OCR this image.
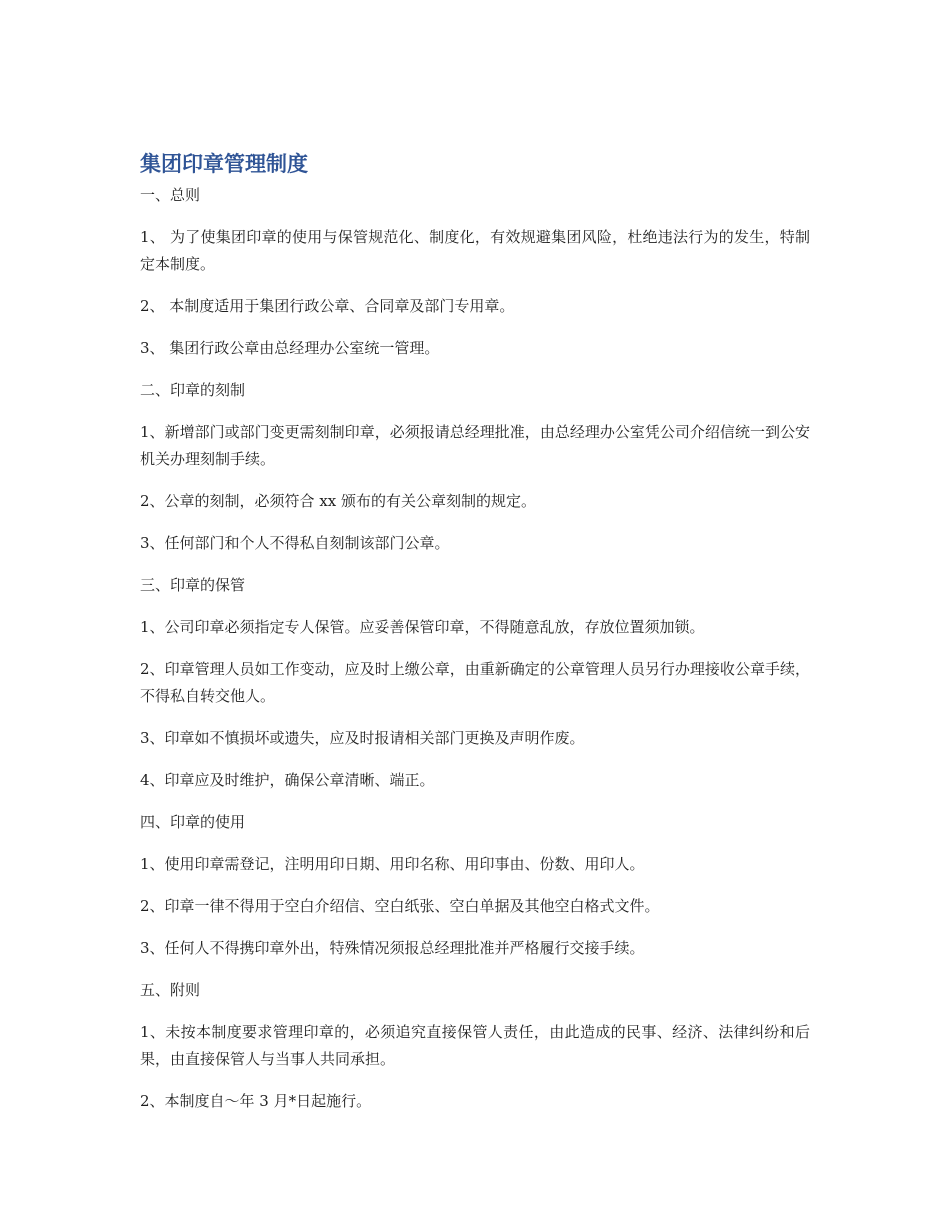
集团印章管理制度

一、总则

1、 为了使集团印章的使用与保管规范化、制度化，有效规避集团风险，杜绝违法行为的发生，特制定本制度。

2、 本制度适用于集团行政公章、合同章及部门专用章。

3、 集团行政公章由总经理办公室统一管理。

二、印章的刻制

1、新增部门或部门变更需刻制印章，必须报请总经理批准，由总经理办公室凭公司介绍信统一到公安机关办理刻制手续。

2、公章的刻制，必须符合 xx 颁布的有关公章刻制的规定。

3、任何部门和个人不得私自刻制该部门公章。

三、印章的保管

1、公司印章必须指定专人保管。应妥善保管印章，不得随意乱放，存放位置须加锁。

2、印章管理人员如工作变动，应及时上缴公章，由重新确定的公章管理人员另行办理接收公章手续，不得私自转交他人。

3、印章如不慎损坏或遗失，应及时报请相关部门更换及声明作废。

4、印章应及时维护，确保公章清晰、端正。

四、印章的使用

1、使用印章需登记，注明用印日期、用印名称、用印事由、份数、用印人。

2、印章一律不得用于空白介绍信、空白纸张、空白单据及其他空白格式文件。

3、任何人不得携印章外出，特殊情况须报总经理批准并严格履行交接手续。

五、附则

1、未按本制度要求管理印章的，必须追究直接保管人责任，由此造成的民事、经济、法律纠纷和后果，由直接保管人与当事人共同承担。

2、本制度自～年 3 月*日起施行。
